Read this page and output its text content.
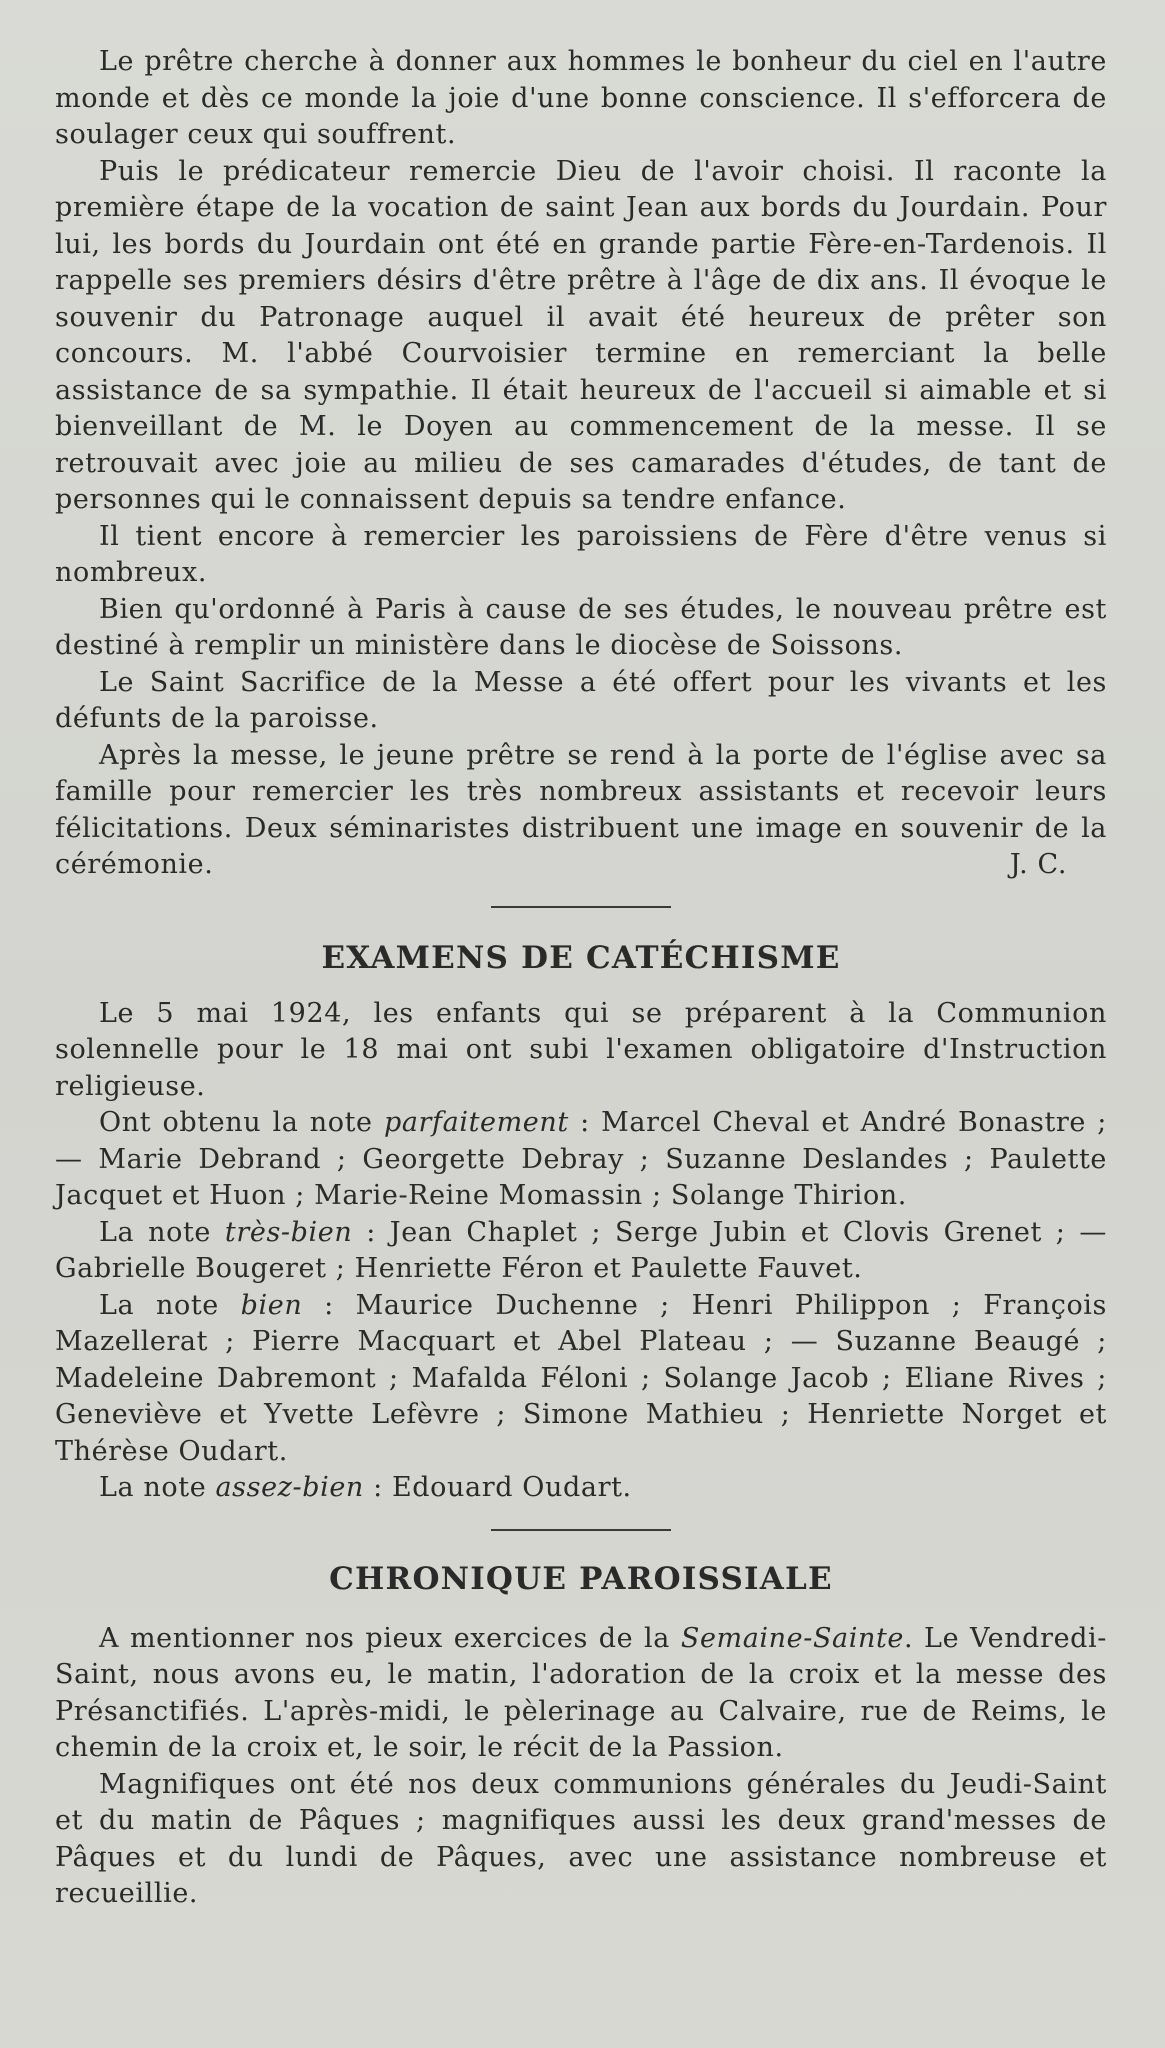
Le prêtre cherche à donner aux hommes le bonheur du ciel en l'autre monde et dès ce monde la joie d'une bonne conscience. Il s'efforcera de soulager ceux qui souffrent.

Puis le prédicateur remercie Dieu de l'avoir choisi. Il raconte la première étape de la vocation de saint Jean aux bords du Jourdain. Pour lui, les bords du Jourdain ont été en grande partie Fère-en-Tardenois. Il rappelle ses premiers désirs d'être prêtre à l'âge de dix ans. Il évoque le souvenir du Patronage auquel il avait été heureux de prêter son concours. M. l'abbé Courvoisier termine en remerciant la belle assistance de sa sympathie. Il était heureux de l'accueil si aimable et si bienveillant de M. le Doyen au commencement de la messe. Il se retrouvait avec joie au milieu de ses camarades d'études, de tant de personnes qui le connaissent depuis sa tendre enfance.

Il tient encore à remercier les paroissiens de Fère d'être venus si nombreux.

Bien qu'ordonné à Paris à cause de ses études, le nouveau prêtre est destiné à remplir un ministère dans le diocèse de Soissons.

Le Saint Sacrifice de la Messe a été offert pour les vivants et les défunts de la paroisse.

Après la messe, le jeune prêtre se rend à la porte de l'église avec sa famille pour remercier les très nombreux assistants et recevoir leurs félicitations. Deux séminaristes distribuent une image en souvenir de la cérémonie.	J. C.

EXAMENS DE CATÉCHISME

Le 5 mai 1924, les enfants qui se préparent à la Communion solennelle pour le 18 mai ont subi l'examen obligatoire d'Instruction religieuse.

Ont obtenu la note parfaitement : Marcel Cheval et André Bonastre ; — Marie Debrand ; Georgette Debray ; Suzanne Deslandes ; Paulette Jacquet et Huon ; Marie-Reine Momassin ; Solange Thirion.

La note très-bien : Jean Chaplet ; Serge Jubin et Clovis Grenet ; — Gabrielle Bougeret ; Henriette Féron et Paulette Fauvet.

La note bien : Maurice Duchenne ; Henri Philippon ; François Mazellerat ; Pierre Macquart et Abel Plateau ; — Suzanne Beaugé ; Madeleine Dabremont ; Mafalda Féloni ; Solange Jacob ; Eliane Rives ; Geneviève et Yvette Lefèvre ; Simone Mathieu ; Henriette Norget et Thérèse Oudart.

La note assez-bien : Edouard Oudart.

CHRONIQUE PAROISSIALE

A mentionner nos pieux exercices de la Semaine-Sainte. Le Vendredi-Saint, nous avons eu, le matin, l'adoration de la croix et la messe des Présanctifiés. L'après-midi, le pèlerinage au Calvaire, rue de Reims, le chemin de la croix et, le soir, le récit de la Passion.

Magnifiques ont été nos deux communions générales du Jeudi-Saint et du matin de Pâques ; magnifiques aussi les deux grand'messes de Pâques et du lundi de Pâques, avec une assistance nombreuse et recueillie.
